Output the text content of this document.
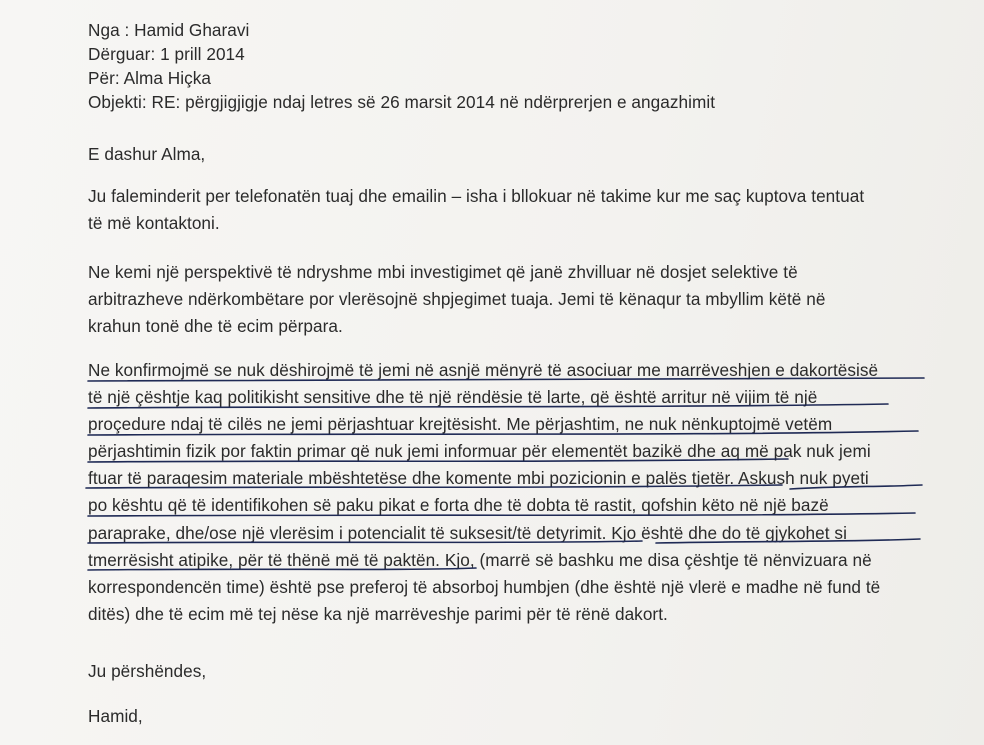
Nga : Hamid Gharavi
Dërguar: 1 prill 2014
Për: Alma Hiçka
Objekti: RE: përgjigjigje ndaj letres së 26 marsit 2014 në ndërprerjen e angazhimit
E dashur Alma,
Ju faleminderit per telefonatën tuaj dhe emailin – isha i bllokuar në takime kur me saç kuptova tentuat
të më kontaktoni.
Ne kemi një perspektivë të ndryshme mbi investigimet që janë zhvilluar në dosjet selektive të
arbitrazheve ndërkombëtare por vlerësojnë shpjegimet tuaja. Jemi të kënaqur ta mbyllim këtë në
krahun tonë dhe të ecim përpara.
Ne konfirmojmë se nuk dëshirojmë të jemi në asnjë mënyrë të asociuar me marrëveshjen e dakortësisë
të një çështje kaq politikisht sensitive dhe të një rëndësie të larte, që është arritur në vijim të një
proçedure ndaj të cilës ne jemi përjashtuar krejtësisht. Me përjashtim, ne nuk nënkuptojmë vetëm
përjashtimin fizik por faktin primar që nuk jemi informuar për elementët bazikë dhe aq më pak nuk jemi
ftuar të paraqesim materiale mbështetëse dhe komente mbi pozicionin e palës tjetër. Askush nuk pyeti
po kështu që të identifikohen së paku pikat e forta dhe të dobta të rastit, qofshin këto në një bazë
paraprake, dhe/ose një vlerësim i potencialit të suksesit/të detyrimit. Kjo është dhe do të gjykohet si
tmerrësisht atipike, për të thënë më të paktën. Kjo, (marrë së bashku me disa çështje të nënvizuara në
korrespondencën time) është pse preferoj të absorboj humbjen (dhe është një vlerë e madhe në fund të
ditës) dhe të ecim më tej nëse ka një marrëveshje parimi për të rënë dakort.
Ju përshëndes,
Hamid,
